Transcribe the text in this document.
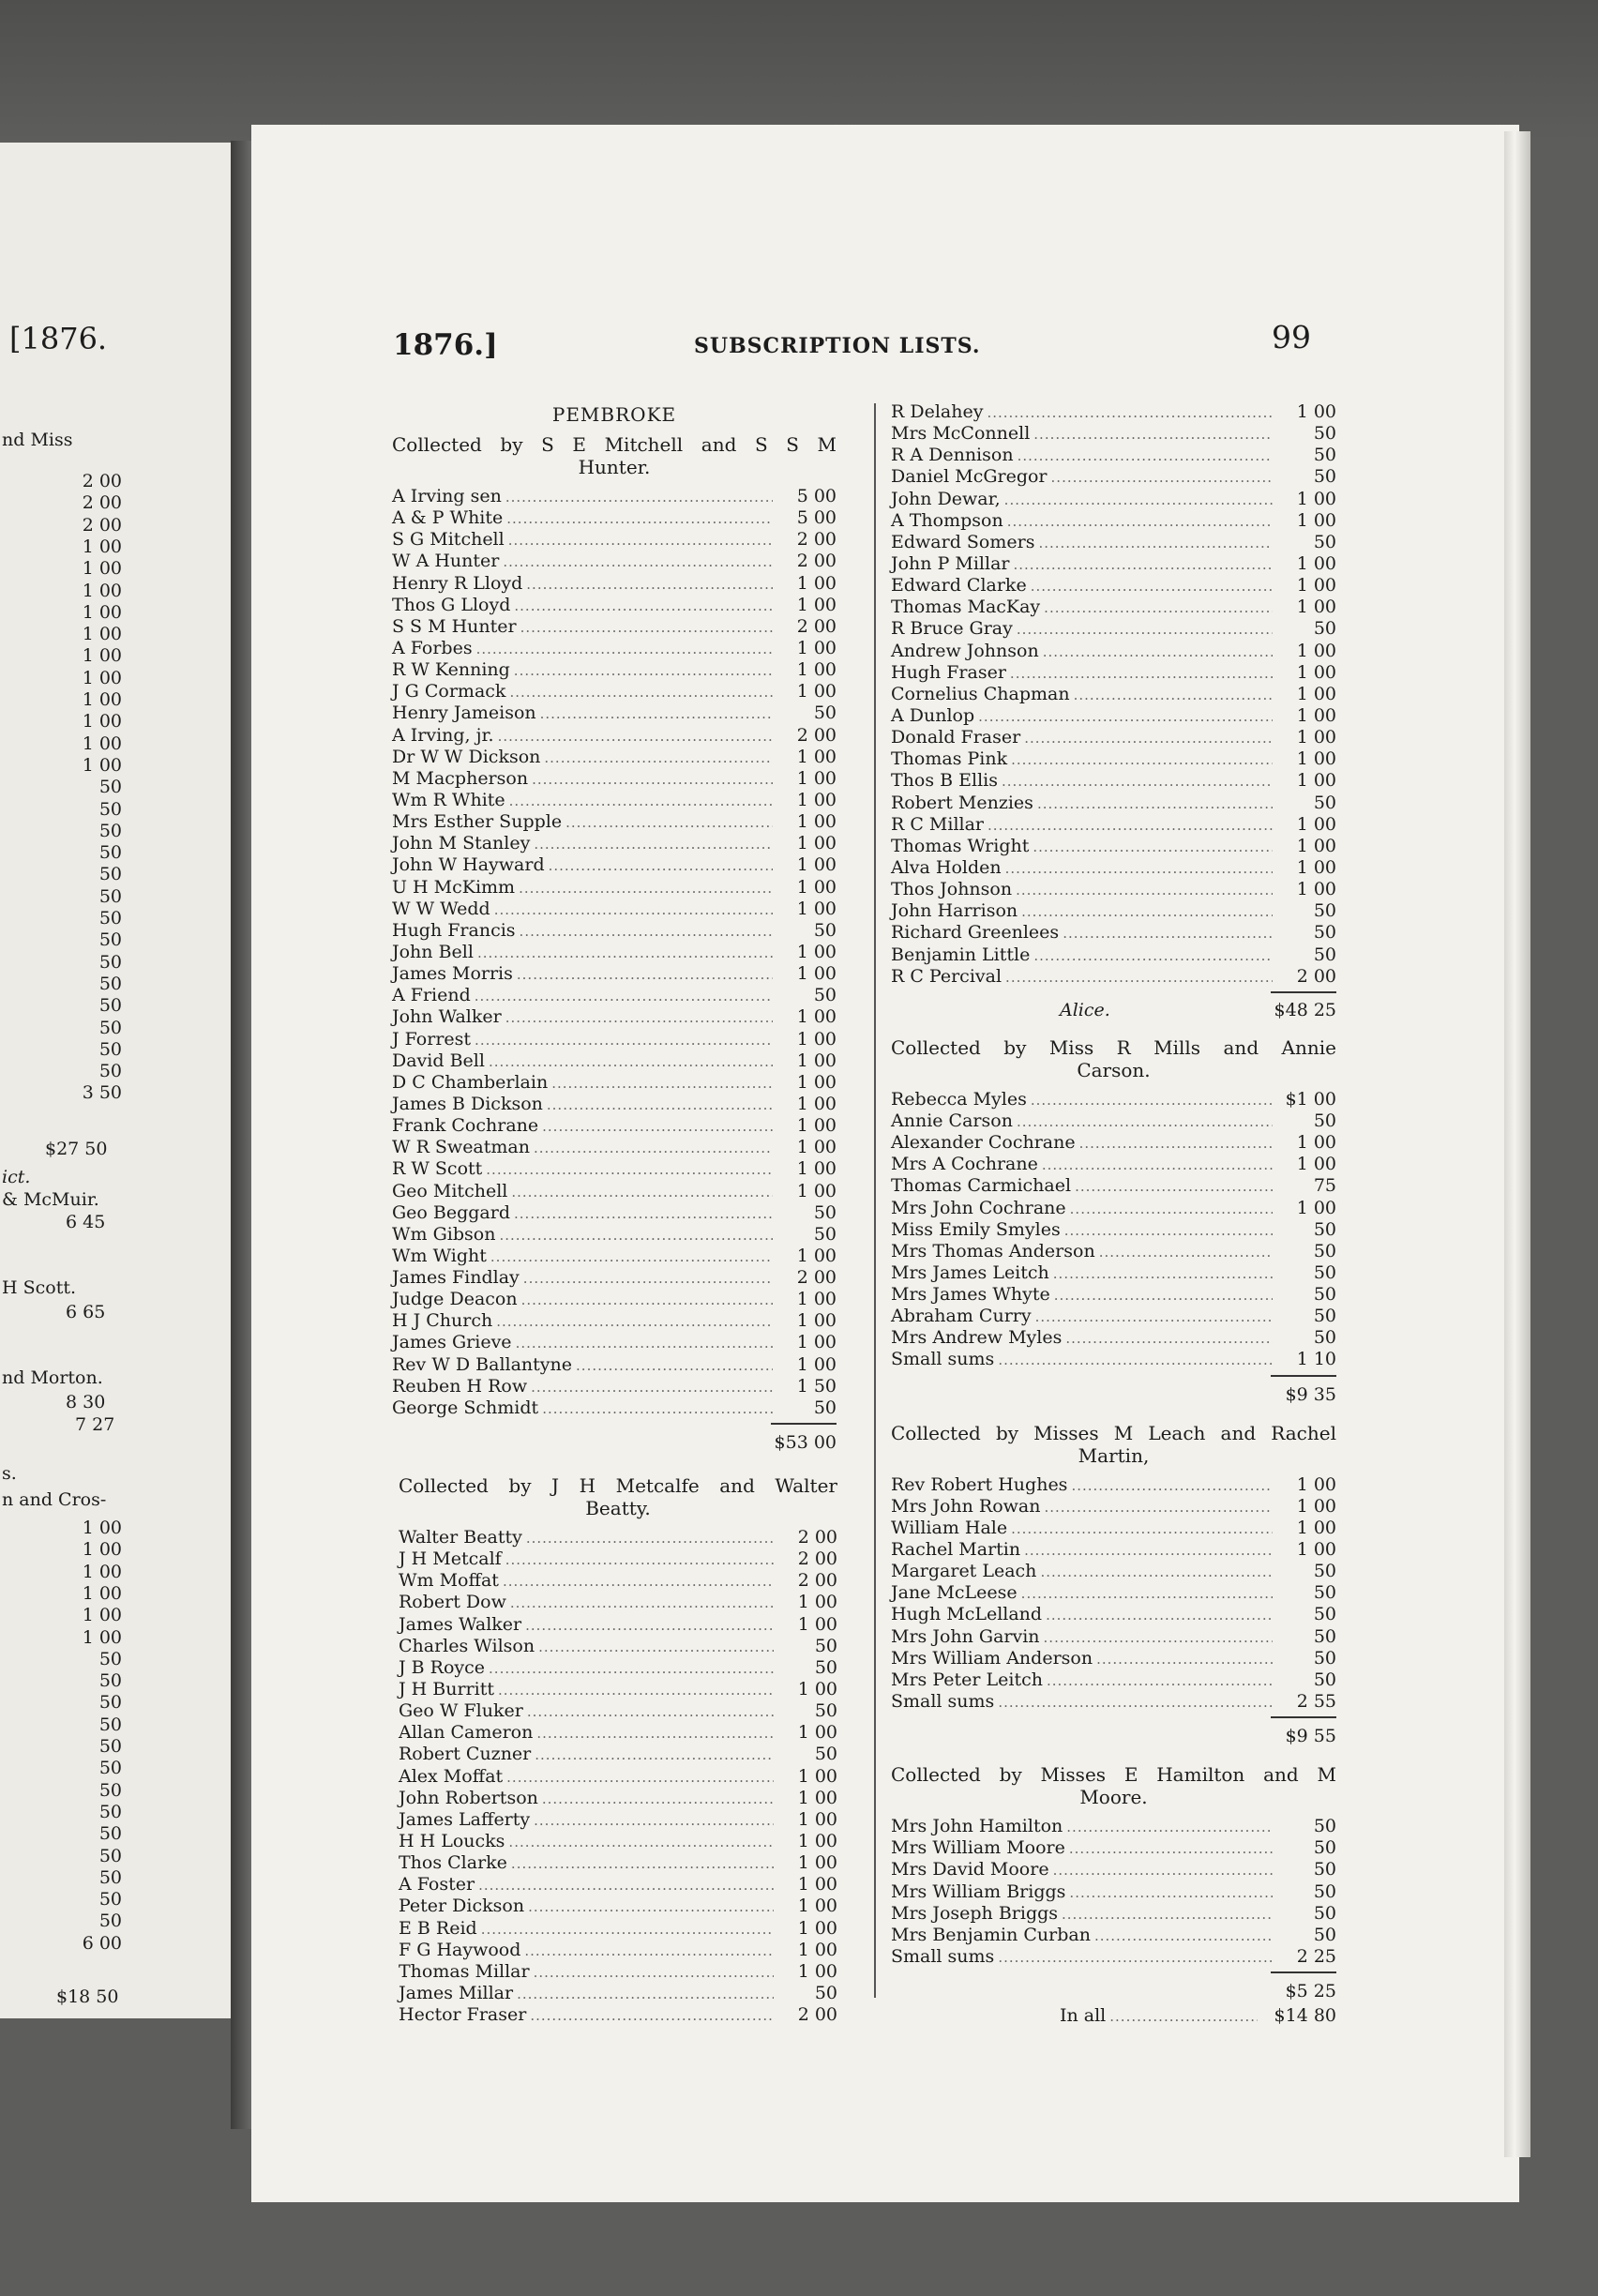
[1876.
nd Miss
2 00
2 00
2 00
1 00
1 00
1 00
1 00
1 00
1 00
1 00
1 00
1 00
1 00
1 00
50
50
50
50
50
50
50
50
50
50
50
50
50
50
3 50
$27 50
ict.
& McMuir.
6 45
H Scott.
6 65
nd Morton.
8 30
7 27
s.
n and Cros-
1 00
1 00
1 00
1 00
1 00
1 00
50
50
50
50
50
50
50
50
50
50
50
50
50
6 00
$18 50
1876.]	SUBSCRIPTION LISTS.	99
PEMBROKE
Collected by S E Mitchell and S S M
Hunter.
A Irving sen .....	5 00
A & P White .....	5 00
S G Mitchell .....	2 00
W A Hunter .....	2 00
Henry R Lloyd .....	1 00
Thos G Lloyd .....	1 00
S S M Hunter .....	2 00
A Forbes .....	1 00
R W Kenning .....	1 00
J G Cormack .....	1 00
Henry Jameison .....	50
A Irving, jr. .....	2 00
Dr W W Dickson .....	1 00
M Macpherson .....	1 00
Wm R White .....	1 00
Mrs Esther Supple .....	1 00
John M Stanley .....	1 00
John W Hayward .....	1 00
U H McKimm .....	1 00
W W Wedd .....	1 00
Hugh Francis .....	50
John Bell .....	1 00
James Morris .....	1 00
A Friend .....	50
John Walker .....	1 00
J Forrest .....	1 00
David Bell .....	1 00
D C Chamberlain .....	1 00
James B Dickson .....	1 00
Frank Cochrane .....	1 00
W R Sweatman .....	1 00
R W Scott .....	1 00
Geo Mitchell .....	1 00
Geo Beggard .....	50
Wm Gibson .....	50
Wm Wight .....	1 00
James Findlay .....	2 00
Judge Deacon .....	1 00
H J Church .....	1 00
James Grieve .....	1 00
Rev W D Ballantyne .....	1 00
Reuben H Row .....	1 50
George Schmidt .....	50
$53 00
Collected by J H Metcalfe and Walter
Beatty.
Walter Beatty .....	2 00
J H Metcalf .....	2 00
Wm Moffat .....	2 00
Robert Dow .....	1 00
James Walker .....	1 00
Charles Wilson .....	50
J B Royce .....	50
J H Burritt .....	1 00
Geo W Fluker .....	50
Allan Cameron .....	1 00
Robert Cuzner .....	50
Alex Moffat .....	1 00
John Robertson .....	1 00
James Lafferty .....	1 00
H H Loucks .....	1 00
Thos Clarke .....	1 00
A Foster .....	1 00
Peter Dickson .....	1 00
E B Reid .....	1 00
F G Haywood .....	1 00
Thomas Millar .....	1 00
James Millar .....	50
Hector Fraser .....	2 00
R Delahey .....	1 00
Mrs McConnell .....	50
R A Dennison .....	50
Daniel McGregor .....	50
John Dewar, .....	1 00
A Thompson .....	1 00
Edward Somers .....	50
John P Millar .....	1 00
Edward Clarke .....	1 00
Thomas MacKay .....	1 00
R Bruce Gray .....	50
Andrew Johnson .....	1 00
Hugh Fraser .....	1 00
Cornelius Chapman .....	1 00
A Dunlop .....	1 00
Donald Fraser .....	1 00
Thomas Pink .....	1 00
Thos B Ellis .....	1 00
Robert Menzies .....	50
R C Millar .....	1 00
Thomas Wright .....	1 00
Alva Holden .....	1 00
Thos Johnson .....	1 00
John Harrison .....	50
Richard Greenlees .....	50
Benjamin Little .....	50
R C Percival .....	2 00
Alice.	$48 25
Collected by Miss R Mills and Annie
Carson.
Rebecca Myles .....	$1 00
Annie Carson .....	50
Alexander Cochrane .....	1 00
Mrs A Cochrane .....	1 00
Thomas Carmichael .....	75
Mrs John Cochrane .....	1 00
Miss Emily Smyles .....	50
Mrs Thomas Anderson .....	50
Mrs James Leitch .....	50
Mrs James Whyte .....	50
Abraham Curry .....	50
Mrs Andrew Myles .....	50
Small sums .....	1 10
$9 35
Collected by Misses M Leach and Rachel
Martin,
Rev Robert Hughes .....	1 00
Mrs John Rowan .....	1 00
William Hale .....	1 00
Rachel Martin .....	1 00
Margaret Leach .....	50
Jane McLeese .....	50
Hugh McLelland .....	50
Mrs John Garvin .....	50
Mrs William Anderson .....	50
Mrs Peter Leitch .....	50
Small sums .....	2 55
$9 55
Collected by Misses E Hamilton and M
Moore.
Mrs John Hamilton .....	50
Mrs William Moore .....	50
Mrs David Moore .....	50
Mrs William Briggs .....	50
Mrs Joseph Briggs .....	50
Mrs Benjamin Curban .....	50
Small sums .....	2 25
$5 25
In all .....	$14 80
